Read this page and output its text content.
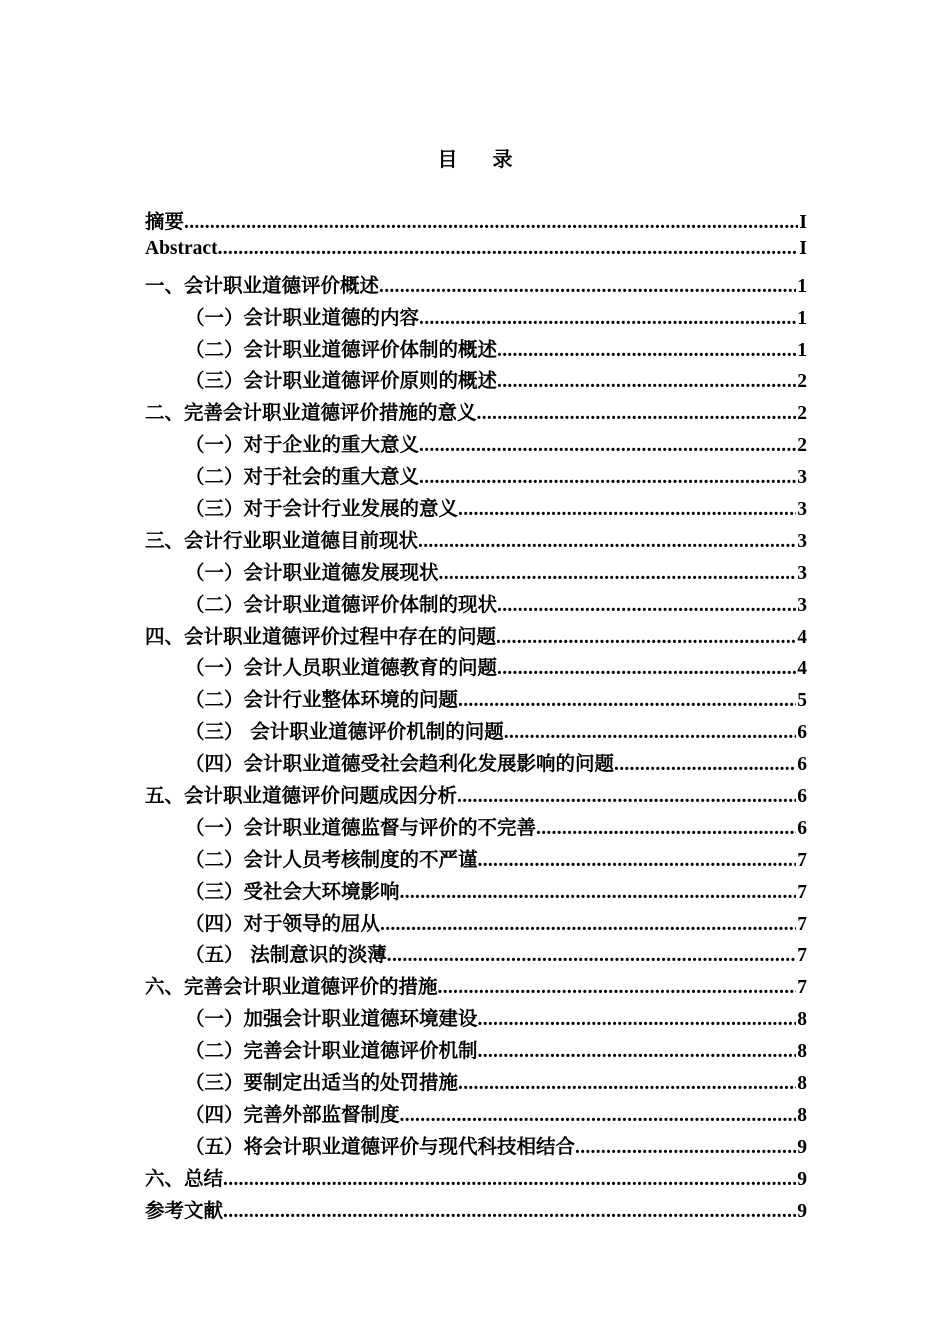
目 录
摘要 .....	I
Abstract .....	I
一、会计职业道德评价概述 .....	1
（一）会计职业道德的内容 .....	1
（二）会计职业道德评价体制的概述 .....	1
（三）会计职业道德评价原则的概述 .....	2
二、完善会计职业道德评价措施的意义 .....	2
（一）对于企业的重大意义 .....	2
（二）对于社会的重大意义 .....	3
（三）对于会计行业发展的意义 .....	3
三、会计行业职业道德目前现状 .....	3
（一）会计职业道德发展现状 .....	3
（二）会计职业道德评价体制的现状 .....	3
四、会计职业道德评价过程中存在的问题 .....	4
（一）会计人员职业道德教育的问题 .....	4
（二）会计行业整体环境的问题 .....	5
（三） 会计职业道德评价机制的问题 .....	6
（四）会计职业道德受社会趋利化发展影响的问题 .....	6
五、会计职业道德评价问题成因分析 .....	6
（一）会计职业道德监督与评价的不完善 .....	6
（二）会计人员考核制度的不严谨 .....	7
（三）受社会大环境影响 .....	7
（四）对于领导的屈从 .....	7
（五） 法制意识的淡薄 .....	7
六、完善会计职业道德评价的措施 .....	7
（一）加强会计职业道德环境建设 .....	8
（二）完善会计职业道德评价机制 .....	8
（三）要制定出适当的处罚措施 .....	8
（四）完善外部监督制度 .....	8
（五）将会计职业道德评价与现代科技相结合 .....	9
六、总结 .....	9
参考文献 .....	9
